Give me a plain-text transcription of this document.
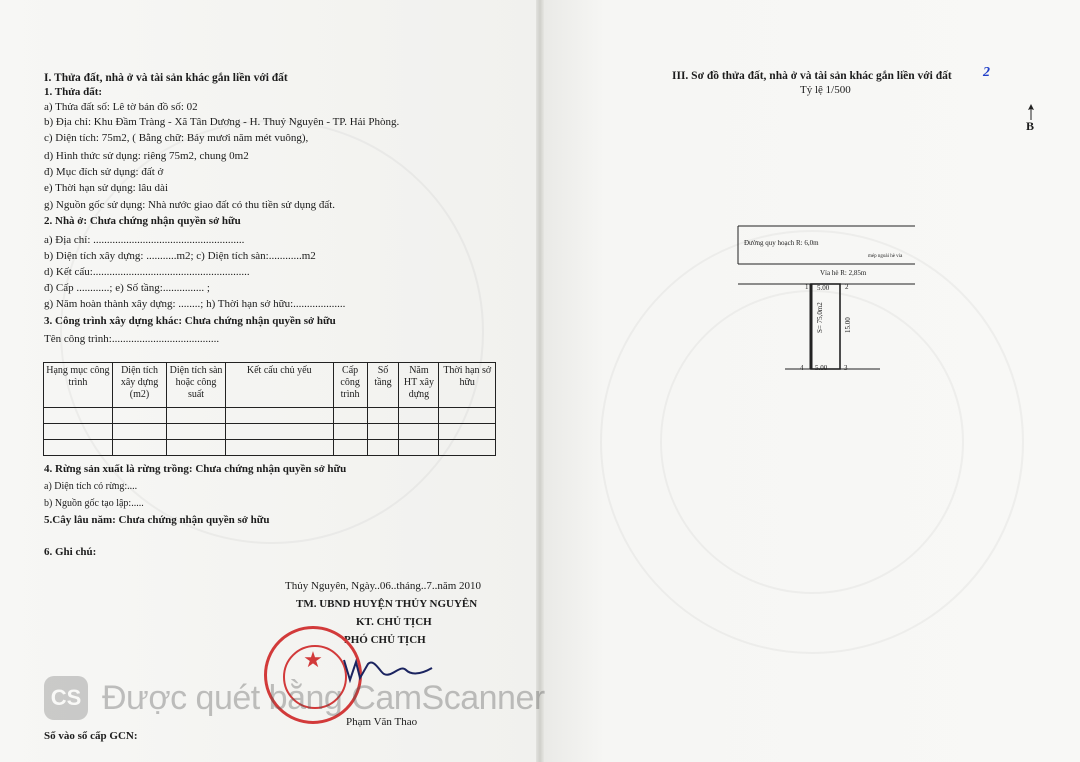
I. Thửa đất, nhà ở và tài sản khác gắn liền với đất
1. Thửa đất:
a) Thửa đất số: Lê tờ bản đồ số: 02
b) Địa chỉ: Khu Đầm Tràng - Xã Tân Dương - H. Thuỷ Nguyên - TP. Hải Phòng.
c) Diện tích: 75m2, ( Bằng chữ: Bảy mươi năm mét vuông),
d) Hình thức sử dụng: riêng 75m2, chung 0m2
đ) Mục đích sử dụng: đất ở
e) Thời hạn sử dụng: lâu dài
g) Nguồn gốc sử dụng: Nhà nước giao đất có thu tiền sử dụng đất.
2. Nhà ở: Chưa chứng nhận quyền sở hữu
a) Địa chỉ: .......................................................
b) Diện tích xây dựng: ...........m2; c) Diện tích sàn:............m2
d) Kết cấu:.........................................................
đ) Cấp ............; e) Số tầng:............... ;
g) Năm hoàn thành xây dựng: ........; h) Thời hạn sở hữu:...................
3. Công trình xây dựng khác: Chưa chứng nhận quyền sở hữu
Tên công trình:.......................................
Hạng mục công trình	Diện tích xây dựng (m2)	Diện tích sàn hoặc công suất	Kết cấu chủ yếu	Cấp công trình	Số tầng	Năm HT xây dựng	Thời hạn sở hữu

4. Rừng sản xuất là rừng trồng: Chưa chứng nhận quyền sở hữu
a) Diện tích có rừng:....
b) Nguồn gốc tạo lập:.....
5.Cây lâu năm: Chưa chứng nhận quyền sở hữu
6. Ghi chú:
Thủy Nguyên, Ngày..06..tháng..7..năm 2010
TM. UBND HUYỆN THỦY NGUYÊN
KT. CHỦ TỊCH
PHÓ CHỦ TỊCH
★
Phạm Văn Thao
Số vào sổ cấp GCN:
CS Được quét bằng CamScanner
III. Sơ đồ thửa đất, nhà ở và tài sản khác gắn liền với đất 2
Tỷ lệ 1/500
B
Đường quy hoạch R: 6,0m
mép ngoài hè via
Vỉa hè R: 2,85m
1	2
5.00
S= 75,0m2	15.00
4 5.00 3
